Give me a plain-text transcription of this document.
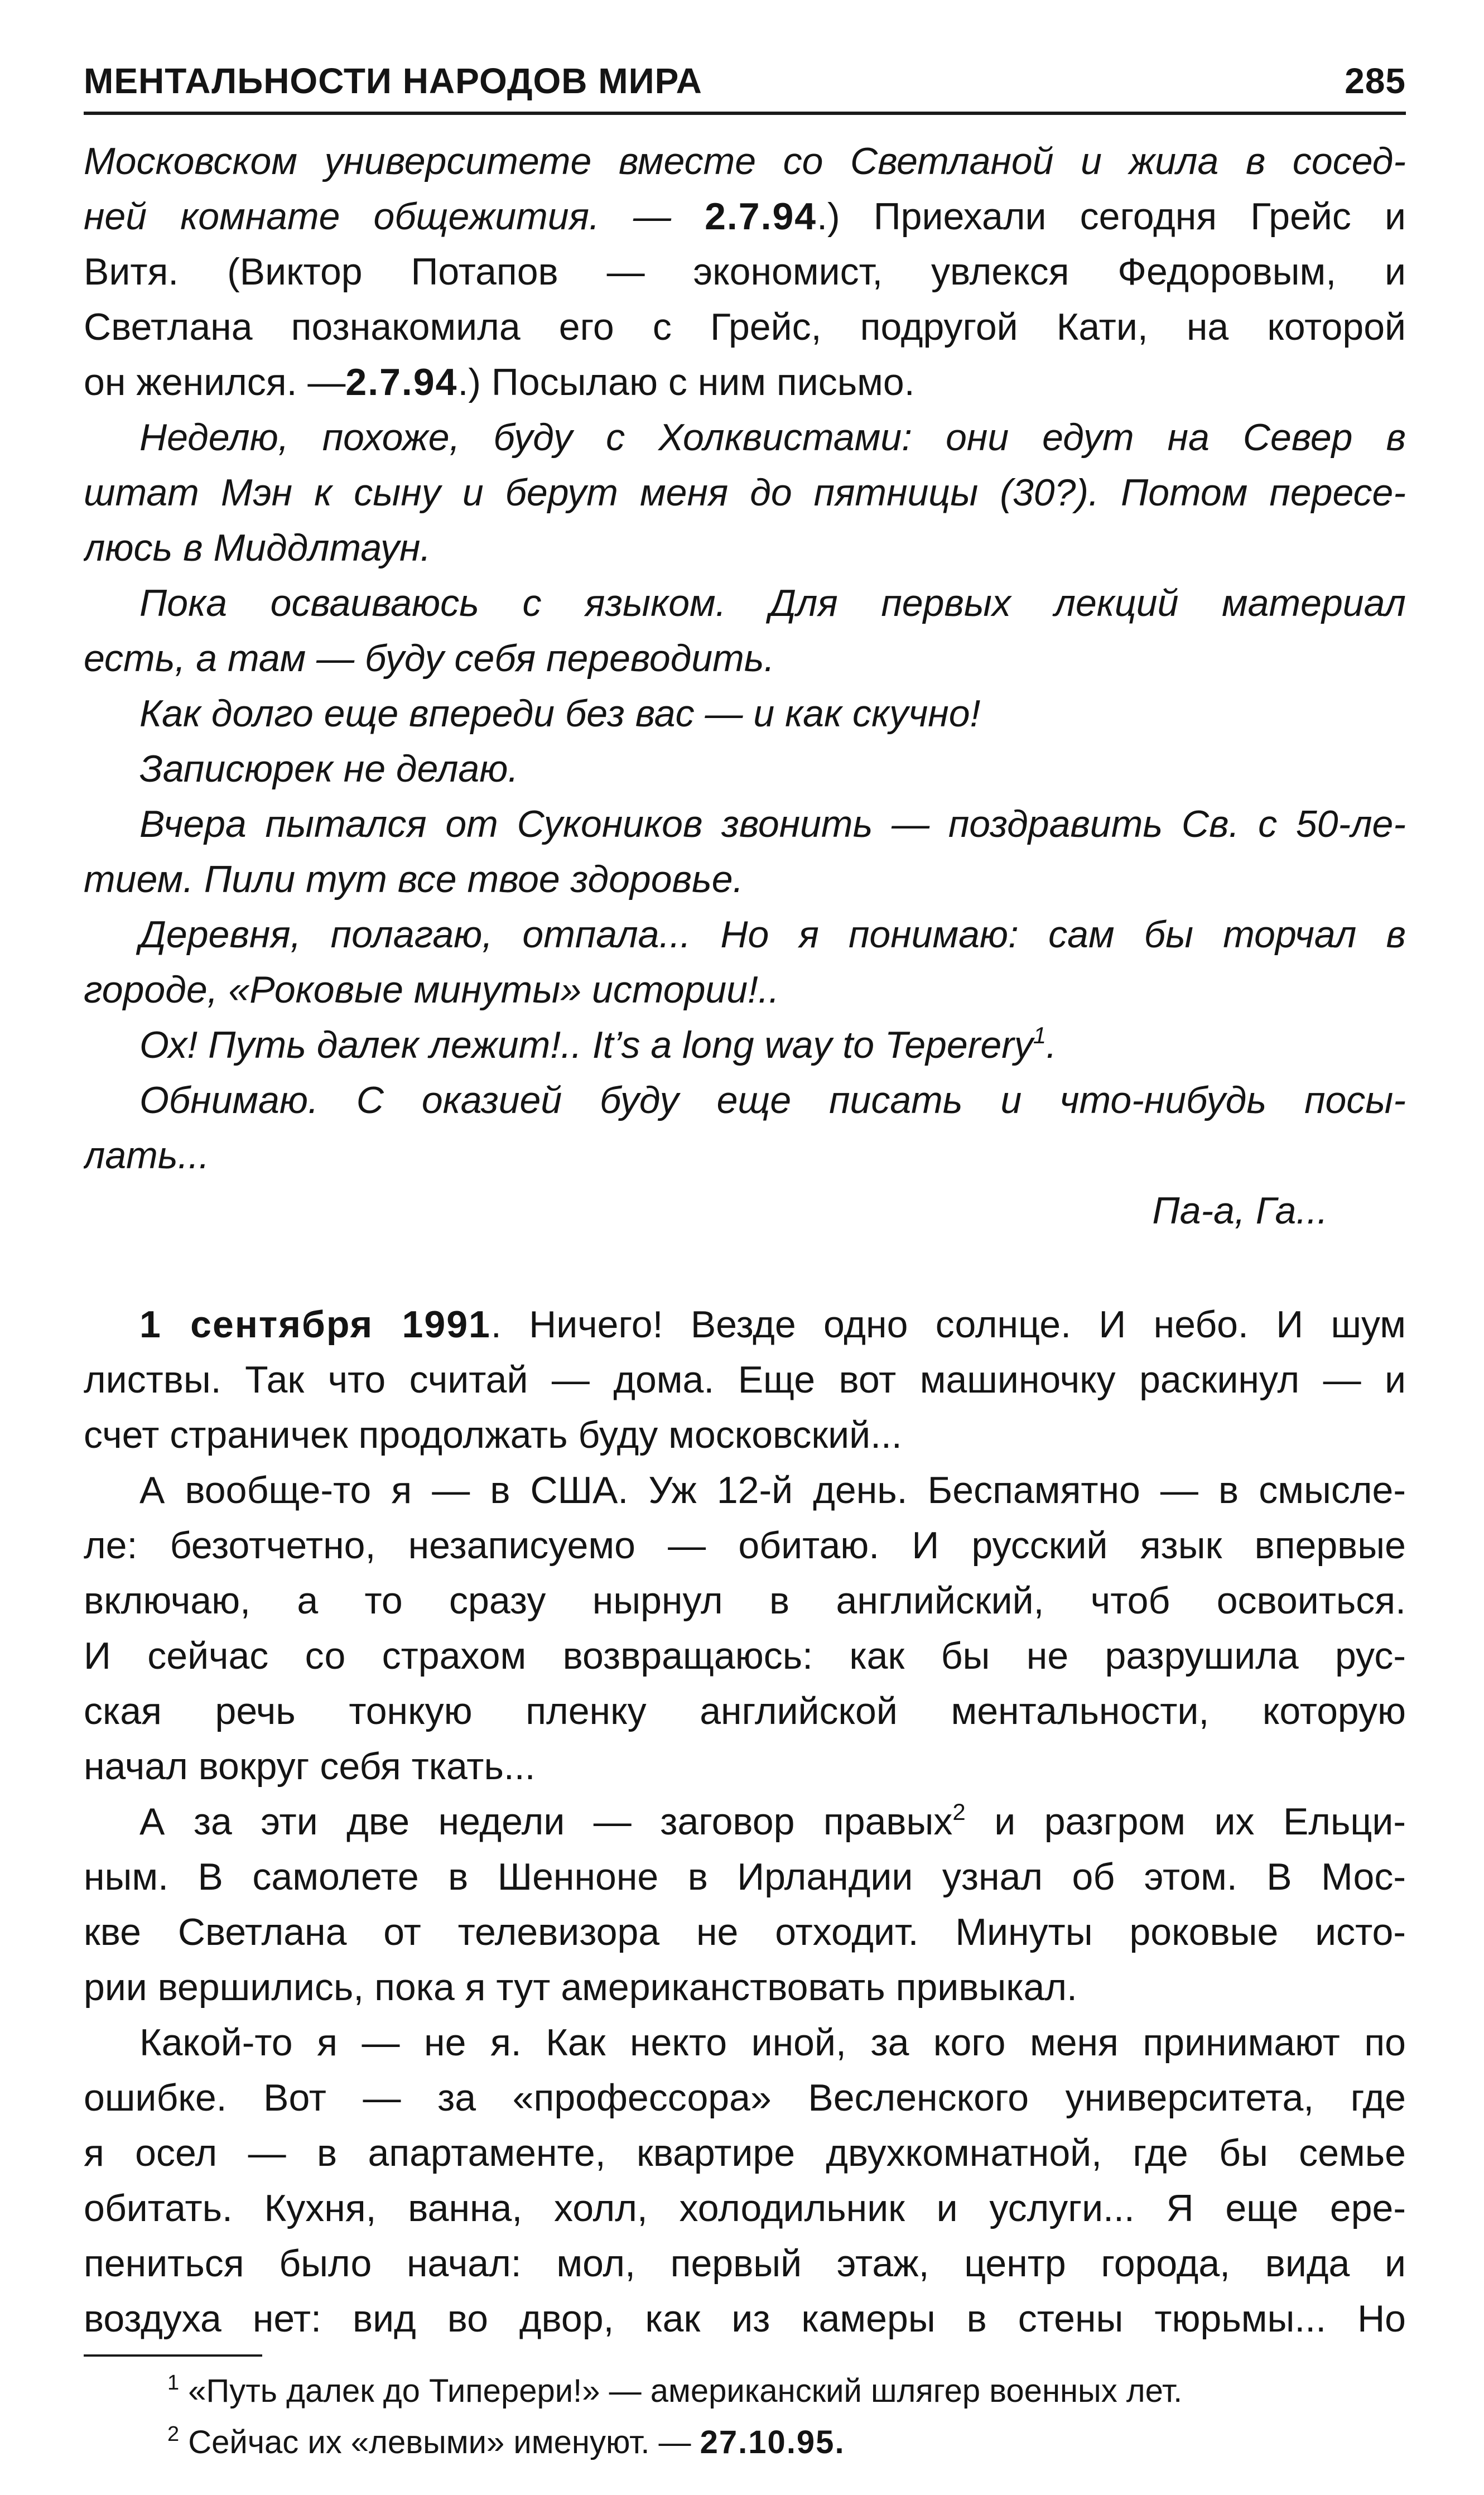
МЕНТАЛЬНОСТИ НАРОДОВ МИРА	285
Московском университете вместе со Светланой и жила в сосед-
ней комнате общежития. — 2.7.94.) Приехали сегодня Грейс и
Витя. (Виктор Потапов — экономист, увлекся Федоровым, и
Светлана познакомила его с Грейс, подругой Кати, на которой
он женился. —2.7.94.) Посылаю с ним письмо.
Неделю, похоже, буду с Холквистами: они едут на Север в
штат Мэн к сыну и берут меня до пятницы (30?). Потом пересе-
люсь в Миддлтаун.
Пока осваиваюсь с языком. Для первых лекций материал
есть, а там — буду себя переводить.
Как долго еще впереди без вас — и как скучно!
Записюрек не делаю.
Вчера пытался от Сукоников звонить — поздравить Св. с 50-ле-
тием. Пили тут все твое здоровье.
Деревня, полагаю, отпала... Но я понимаю: сам бы торчал в
городе, «Роковые минуты» истории!..
Ох! Путь далек лежит!.. It’s a long way to Teperery$^1$.
Обнимаю. С оказией буду еще писать и что-нибудь посы-
лать...
Па-а, Га...
1 сентября 1991. Ничего! Везде одно солнце. И небо. И шум
листвы. Так что считай — дома. Еще вот машиночку раскинул — и
счет страничек продолжать буду московский...
А вообще-то я — в США. Уж 12-й день. Беспамятно — в смысле-
ле: безотчетно, незаписуемо — обитаю. И русский язык впервые
включаю, а то сразу нырнул в английский, чтоб освоиться.
И сейчас со страхом возвращаюсь: как бы не разрушила рус-
ская речь тонкую пленку английской ментальности, которую
начал вокруг себя ткать...
А за эти две недели — заговор правых$^2$ и разгром их Ельци-
ным. В самолете в Шенноне в Ирландии узнал об этом. В Мос-
кве Светлана от телевизора не отходит. Минуты роковые исто-
рии вершились, пока я тут американствовать привыкал.
Какой-то я — не я. Как некто иной, за кого меня принимают по
ошибке. Вот — за «профессора» Весленского университета, где
я осел — в апартаменте, квартире двухкомнатной, где бы семье
обитать. Кухня, ванна, холл, холодильник и услуги... Я еще ере-
пениться было начал: мол, первый этаж, центр города, вида и
воздуха нет: вид во двор, как из камеры в стены тюрьмы... Но
$^1$ «Путь далек до Типерери!» — американский шлягер военных лет.
$^2$ Сейчас их «левыми» именуют. — 27.10.95.
